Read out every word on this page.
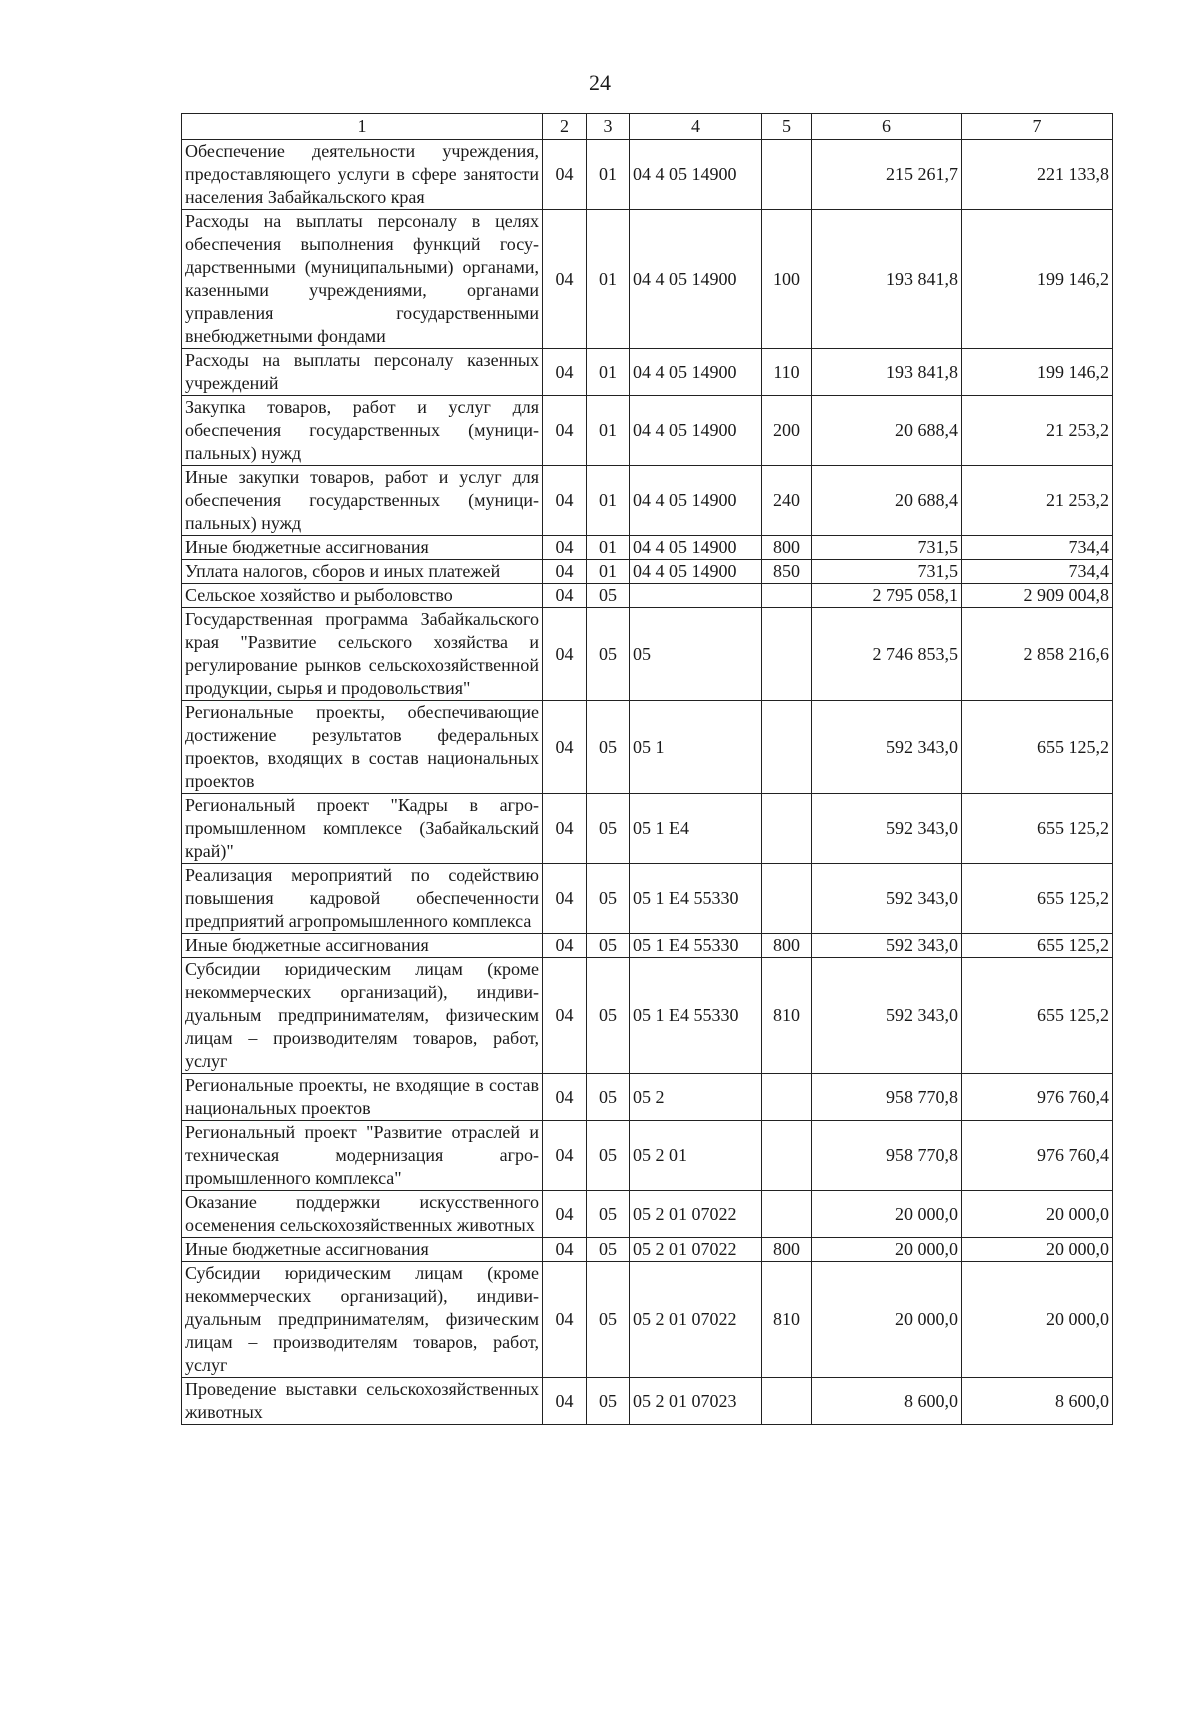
24
1	2	3	4	5	6	7
Обеспечение деятельности учреждения, предоставляющего услуги в сфере занятости населения Забайкальского края	04	01	04 4 05 14900		215 261,7	221 133,8
Расходы на выплаты персоналу в целях обеспечения выполнения функций государственными (муниципальными) органами, казенными учреждениями, органами управления государственными внебюджетными фондами	04	01	04 4 05 14900	100	193 841,8	199 146,2
Расходы на выплаты персоналу казенных учреждений	04	01	04 4 05 14900	110	193 841,8	199 146,2
Закупка товаров, работ и услуг для обеспечения государственных (муниципальных) нужд	04	01	04 4 05 14900	200	20 688,4	21 253,2
Иные закупки товаров, работ и услуг для обеспечения государственных (муниципальных) нужд	04	01	04 4 05 14900	240	20 688,4	21 253,2
Иные бюджетные ассигнования	04	01	04 4 05 14900	800	731,5	734,4
Уплата налогов, сборов и иных платежей	04	01	04 4 05 14900	850	731,5	734,4
Сельское хозяйство и рыболовство	04	05			2 795 058,1	2 909 004,8
Государственная программа Забайкальского края "Развитие сельского хозяйства и регулирование рынков сельскохозяйственной продукции, сырья и продовольствия"	04	05	05		2 746 853,5	2 858 216,6
Региональные проекты, обеспечивающие достижение результатов федеральных проектов, входящих в состав национальных проектов	04	05	05 1		592 343,0	655 125,2
Региональный проект "Кадры в агропромышленном комплексе (Забайкальский край)"	04	05	05 1 E4		592 343,0	655 125,2
Реализация мероприятий по содействию повышения кадровой обеспеченности предприятий агропромышленного комплекса	04	05	05 1 E4 55330		592 343,0	655 125,2
Иные бюджетные ассигнования	04	05	05 1 E4 55330	800	592 343,0	655 125,2
Субсидии юридическим лицам (кроме некоммерческих организаций), индивидуальным предпринимателям, физическим лицам – производителям товаров, работ, услуг	04	05	05 1 E4 55330	810	592 343,0	655 125,2
Региональные проекты, не входящие в состав национальных проектов	04	05	05 2		958 770,8	976 760,4
Региональный проект "Развитие отраслей и техническая модернизация агропромышленного комплекса"	04	05	05 2 01		958 770,8	976 760,4
Оказание поддержки искусственного осеменения сельскохозяйственных животных	04	05	05 2 01 07022		20 000,0	20 000,0
Иные бюджетные ассигнования	04	05	05 2 01 07022	800	20 000,0	20 000,0
Субсидии юридическим лицам (кроме некоммерческих организаций), индивидуальным предпринимателям, физическим лицам – производителям товаров, работ, услуг	04	05	05 2 01 07022	810	20 000,0	20 000,0
Проведение выставки сельскохозяйственных животных	04	05	05 2 01 07023		8 600,0	8 600,0
